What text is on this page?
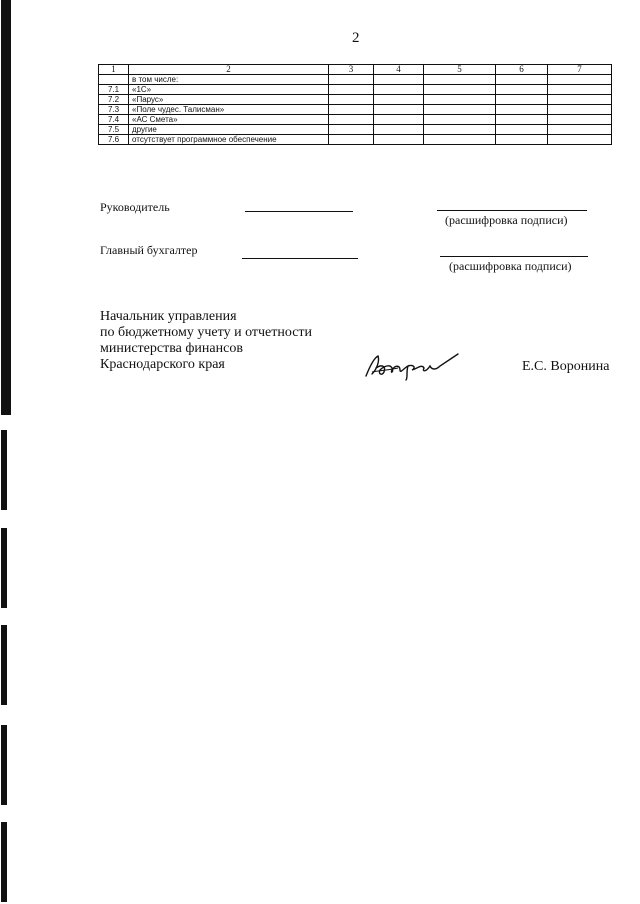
2
1	2	3	4	5	6	7
	в том числе:					
7.1	«1С»					
7.2	«Парус»					
7.3	«Поле чудес. Талисман»					
7.4	«АС Смета»					
7.5	другие					
7.6	отсутствует программное обеспечение					
Руководитель
(расшифровка подписи)
Главный бухгалтер
(расшифровка подписи)
Начальник управления
по бюджетному учету и отчетности
министерства финансов
Краснодарского края	Е.С. Воронина
